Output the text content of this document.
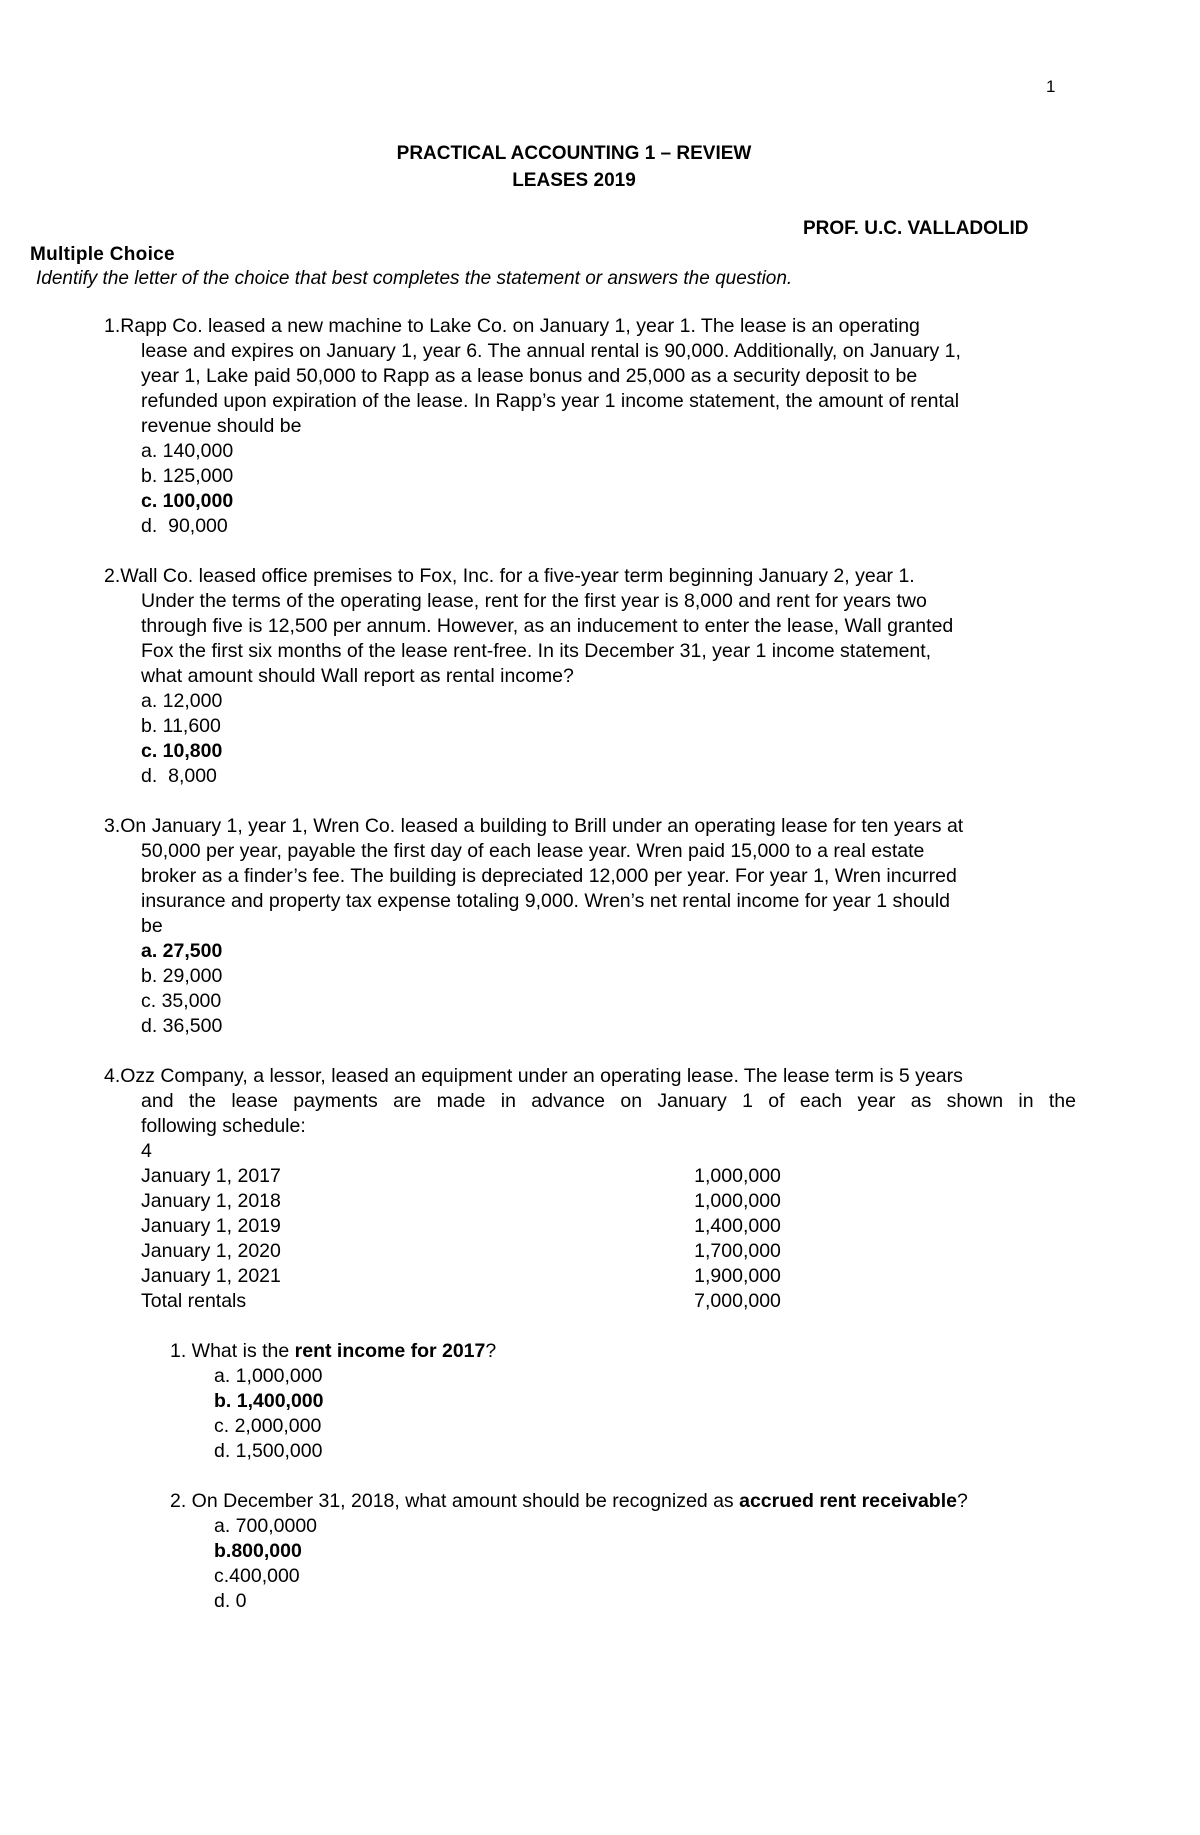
1
PRACTICAL ACCOUNTING 1 – REVIEW
LEASES 2019
PROF. U.C. VALLADOLID
Multiple Choice
Identify the letter of the choice that best completes the statement or answers the question.
1.Rapp Co. leased a new machine to Lake Co. on January 1, year 1. The lease is an operating
lease and expires on January 1, year 6. The annual rental is 90,000. Additionally, on January 1,
year 1, Lake paid 50,000 to Rapp as a lease bonus and 25,000 as a security deposit to be
refunded upon expiration of the lease. In Rapp’s year 1 income statement, the amount of rental
revenue should be
a. 140,000
b. 125,000
c. 100,000
d.  90,000
2.Wall Co. leased office premises to Fox, Inc. for a five-year term beginning January 2, year 1.
Under the terms of the operating lease, rent for the first year is 8,000 and rent for years two
through five is 12,500 per annum. However, as an inducement to enter the lease, Wall granted
Fox the first six months of the lease rent-free. In its December 31, year 1 income statement,
what amount should Wall report as rental income?
a. 12,000
b. 11,600
c. 10,800
d.  8,000
3.On January 1, year 1, Wren Co. leased a building to Brill under an operating lease for ten years at
50,000 per year, payable the first day of each lease year. Wren paid 15,000 to a real estate
broker as a finder’s fee. The building is depreciated 12,000 per year. For year 1, Wren incurred
insurance and property tax expense totaling 9,000. Wren’s net rental income for year 1 should
be
a. 27,500
b. 29,000
c. 35,000
d. 36,500
4.Ozz Company, a lessor, leased an equipment under an operating lease. The lease term is 5 years
and the lease payments are made in advance on January 1 of each year as shown in the
following schedule:
4
January 1, 2017	1,000,000
January 1, 2018	1,000,000
January 1, 2019	1,400,000
January 1, 2020	1,700,000
January 1, 2021	1,900,000
Total rentals	7,000,000
1. What is the rent income for 2017?
a. 1,000,000
b. 1,400,000
c. 2,000,000
d. 1,500,000
2. On December 31, 2018, what amount should be recognized as accrued rent receivable?
a. 700,0000
b.800,000
c.400,000
d. 0
